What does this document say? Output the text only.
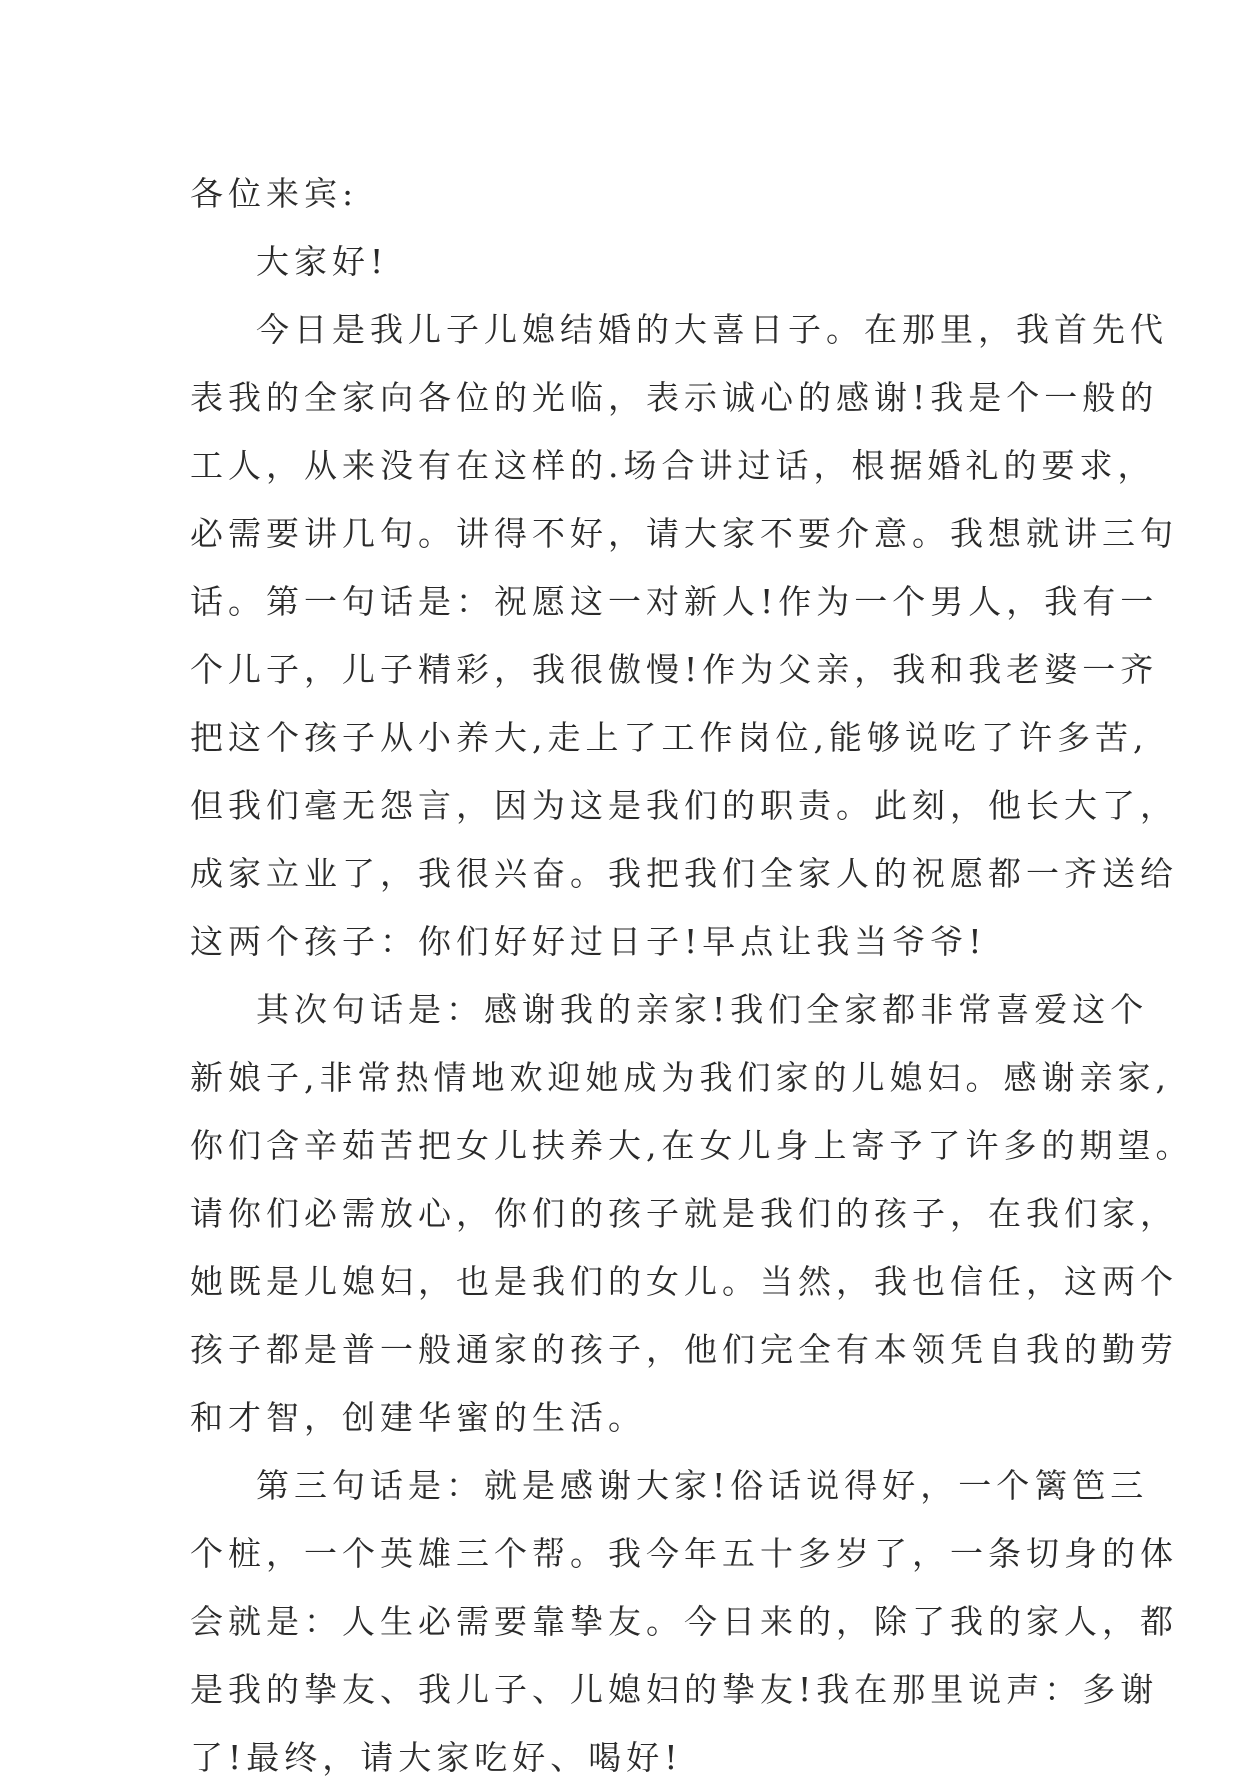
各位来宾:
大家好!
今日是我儿子儿媳结婚的大喜日子。在那里，我首先代
表我的全家向各位的光临，表示诚心的感谢!我是个一般的
工人，从来没有在这样的.场合讲过话，根据婚礼的要求，
必需要讲几句。讲得不好，请大家不要介意。我想就讲三句
话。第一句话是：祝愿这一对新人!作为一个男人，我有一
个儿子，儿子精彩，我很傲慢!作为父亲，我和我老婆一齐
把这个孩子从小养大,走上了工作岗位,能够说吃了许多苦,
但我们毫无怨言，因为这是我们的职责。此刻，他长大了，
成家立业了，我很兴奋。我把我们全家人的祝愿都一齐送给
这两个孩子：你们好好过日子!早点让我当爷爷!
其次句话是：感谢我的亲家!我们全家都非常喜爱这个
新娘子,非常热情地欢迎她成为我们家的儿媳妇。感谢亲家,
你们含辛茹苦把女儿扶养大,在女儿身上寄予了许多的期望。
请你们必需放心，你们的孩子就是我们的孩子，在我们家，
她既是儿媳妇，也是我们的女儿。当然，我也信任，这两个
孩子都是普一般通家的孩子，他们完全有本领凭自我的勤劳
和才智，创建华蜜的生活。
第三句话是：就是感谢大家!俗话说得好，一个篱笆三
个桩，一个英雄三个帮。我今年五十多岁了，一条切身的体
会就是：人生必需要靠挚友。今日来的，除了我的家人，都
是我的挚友、我儿子、儿媳妇的挚友!我在那里说声：多谢
了!最终，请大家吃好、喝好!
